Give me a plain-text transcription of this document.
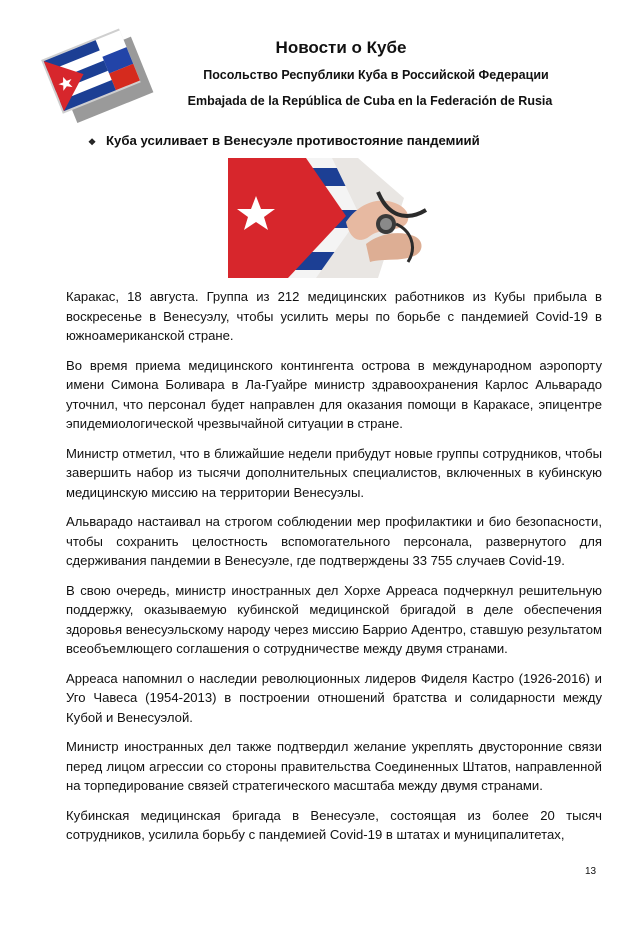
Новости о Кубе
Посольство Республики Куба в Российской Федерации
Embajada de la República de Cuba en la Federación de Rusia
❖ Куба усиливает в Венесуэле противостояние пандемиий

Каракас, 18 августа. Группа из 212 медицинских работников из Кубы прибыла в воскресенье в Венесуэлу, чтобы усилить меры по борьбе с пандемией Covid-19 в южноамериканской стране.

Во время приема медицинского контингента острова в международном аэропорту имени Симона Боливара в Ла-Гуайре министр здравоохранения Карлос Альварадо уточнил, что персонал будет направлен для оказания помощи в Каракасе, эпицентре эпидемиологической чрезвычайной ситуации в стране.

Министр отметил, что в ближайшие недели прибудут новые группы сотрудников, чтобы завершить набор из тысячи дополнительных специалистов, включенных в кубинскую медицинскую миссию на территории Венесуэлы.

Альварадо настаивал на строгом соблюдении мер профилактики и био безопасности, чтобы сохранить целостность вспомогательного персонала, развернутого для сдерживания пандемии в Венесуэле, где подтверждены 33 755 случаев Covid-19.

В свою очередь, министр иностранных дел Хорхе Арреаса подчеркнул решительную поддержку, оказываемую кубинской медицинской бригадой в деле обеспечения здоровья венесуэльскому народу через миссию Баррио Адентро, ставшую результатом всеобъемлющего соглашения о сотрудничестве между двумя странами.

Арреаса напомнил о наследии революционных лидеров Фиделя Кастро (1926-2016) и Уго Чавеса (1954-2013) в построении отношений братства и солидарности между Кубой и Венесуэлой.

Министр иностранных дел также подтвердил желание укреплять двусторонние связи перед лицом агрессии со стороны правительства Соединенных Штатов, направленной на торпедирование связей стратегического масштаба между двумя странами.

Кубинская медицинская бригада в Венесуэле, состоящая из более 20 тысяч сотрудников, усилила борьбу с пандемией Covid-19 в штатах и муниципалитетах,

13
